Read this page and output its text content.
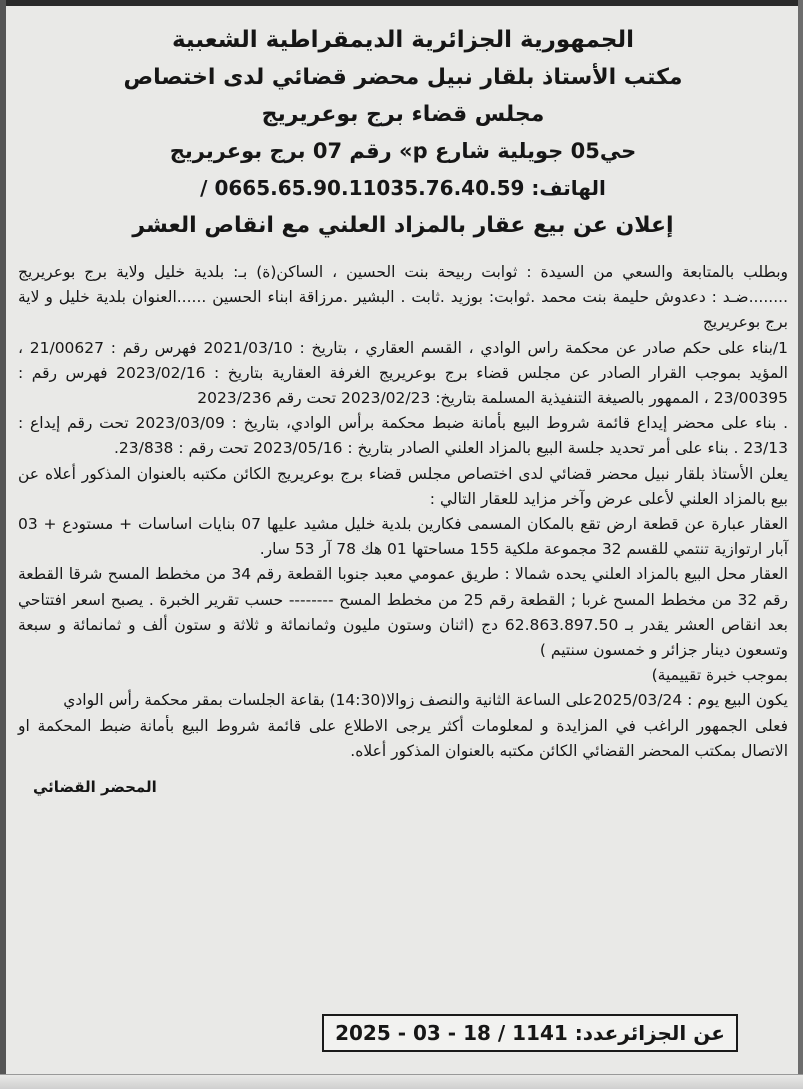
الجمهورية الجزائرية الديمقراطية الشعبية
مكتب الأستاذ بلقار نبيل محضر قضائي لدى اختصاص
مجلس قضاء برج بوعريريج
حي05 جويلية شارع p» رقم 07 برج بوعريريج
الهاتف: 0665.65.90.11035.76.40.59 /
إعلان عن بيع عقار بالمزاد العلني مع انقاص العشر

وبطلب بالمتابعة والسعي من السيدة : ثوابت ربيحة بنت الحسين ، الساكن(ة) بـ: بلدية خليل ولاية برج بوعريريج ........ضـد : دعدوش حليمة بنت محمد .ثوابت: بوزيد .ثابت . البشير .مرزاقة ابناء الحسين ......العنوان بلدية خليل و لاية برج بوعريريج

1/بناء على حكم صادر عن محكمة راس الوادي ، القسم العقاري ، بتاريخ : 2021/03/10 فهرس رقم : 21/00627 ، المؤيد بموجب القرار الصادر عن مجلس قضاء برج بوعريريج الغرفة العقارية بتاريخ : 2023/02/16 فهرس رقم : 23/00395 ، الممهور بالصيغة التنفيذية المسلمة بتاريخ: 2023/02/23 تحت رقم 2023/236

. بناء على محضر إيداع قائمة شروط البيع بأمانة ضبط محكمة برأس الوادي، بتاريخ : 2023/03/09 تحت رقم إيداع : 23/13 . بناء على أمر تحديد جلسة البيع بالمزاد العلني الصادر بتاريخ : 2023/05/16 تحت رقم : 23/838.

يعلن الأستاذ بلقار نبيل محضر قضائي لدى اختصاص مجلس قضاء برج بوعريريج الكائن مكتبه بالعنوان المذكور أعلاه عن بيع بالمزاد العلني لأعلى عرض وآخر مزايد للعقار التالي :

العقار عبارة عن قطعة ارض تقع بالمكان المسمى فكارين بلدية خليل مشيد عليها 07 بنايات اساسات + مستودع + 03 آبار ارتوازية تنتمي للقسم 32 مجموعة ملكية 155 مساحتها 01 هك 78 آر 53 سار.

العقار محل البيع بالمزاد العلني يحده شمالا : طريق عمومي معبد جنوبا القطعة رقم 34 من مخطط المسح شرقا القطعة رقم 32 من مخطط المسح غربا ; القطعة رقم 25 من مخطط المسح -------- حسب تقرير الخبرة . يصبح اسعر افتتاحي بعد انقاص العشر يقدر بـ 62.863.897.50 دج (اثنان وستون مليون وثمانمائة و ثلاثة و ستون ألف و ثمانمائة و سبعة وتسعون دينار جزائر و خمسون سنتيم )

بموجب خبرة تقييمية)

يكون البيع يوم : 2025/03/24على الساعة الثانية والنصف زوالا(14:30) بقاعة الجلسات بمقر محكمة رأس الوادي

فعلى الجمهور الراغب في المزايدة و لمعلومات أكثر يرجى الاطلاع على قائمة شروط البيع بأمانة ضبط المحكمة او الاتصال بمكتب المحضر القضائي الكائن مكتبه بالعنوان المذكور أعلاه.

المحضر القضائي
عن الجزائرعدد: 1141 / 18 - 03 - 2025
